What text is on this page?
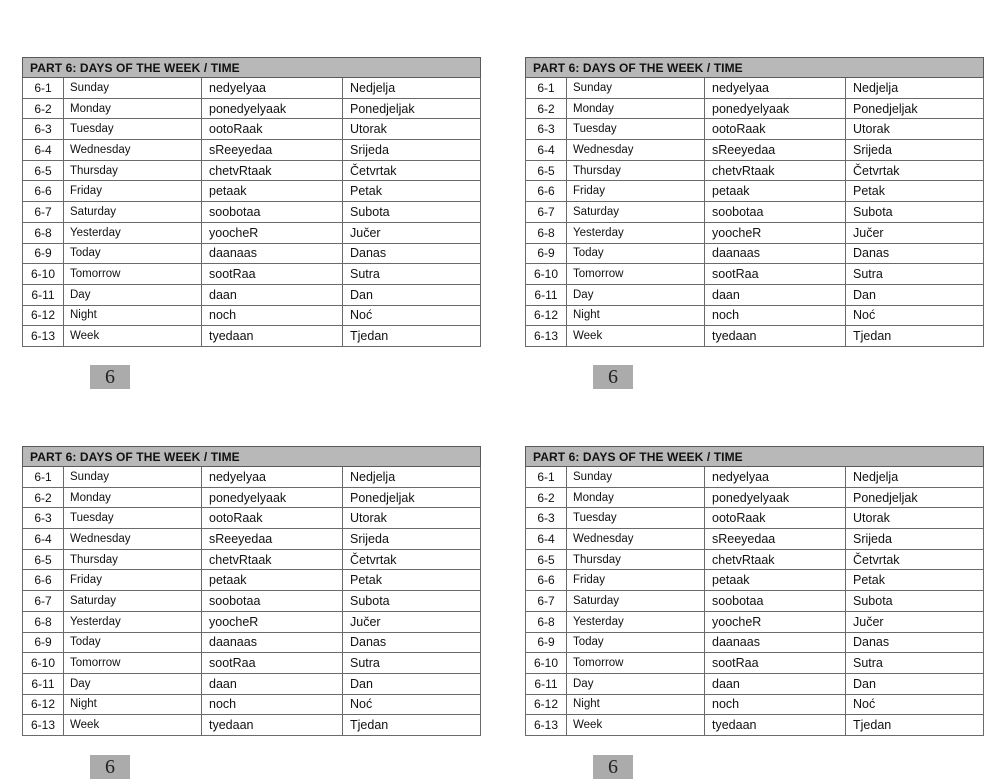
PART 6: DAYS OF THE WEEK / TIME			
6-1	Sunday	nedyelyaa	Nedjelja
6-2	Monday	ponedyelyaak	Ponedjeljak
6-3	Tuesday	ootoRaak	Utorak
6-4	Wednesday	sReeyedaa	Srijeda
6-5	Thursday	chetvRtaak	Četvrtak
6-6	Friday	petaak	Petak
6-7	Saturday	soobotaa	Subota
6-8	Yesterday	yoocheR	Jučer
6-9	Today	daanaas	Danas
6-10	Tomorrow	sootRaa	Sutra
6-11	Day	daan	Dan
6-12	Night	noch	Noć
6-13	Week	tyedaan	Tjedan
6
PART 6: DAYS OF THE WEEK / TIME			
6-1	Sunday	nedyelyaa	Nedjelja
6-2	Monday	ponedyelyaak	Ponedjeljak
6-3	Tuesday	ootoRaak	Utorak
6-4	Wednesday	sReeyedaa	Srijeda
6-5	Thursday	chetvRtaak	Četvrtak
6-6	Friday	petaak	Petak
6-7	Saturday	soobotaa	Subota
6-8	Yesterday	yoocheR	Jučer
6-9	Today	daanaas	Danas
6-10	Tomorrow	sootRaa	Sutra
6-11	Day	daan	Dan
6-12	Night	noch	Noć
6-13	Week	tyedaan	Tjedan
6
PART 6: DAYS OF THE WEEK / TIME			
6-1	Sunday	nedyelyaa	Nedjelja
6-2	Monday	ponedyelyaak	Ponedjeljak
6-3	Tuesday	ootoRaak	Utorak
6-4	Wednesday	sReeyedaa	Srijeda
6-5	Thursday	chetvRtaak	Četvrtak
6-6	Friday	petaak	Petak
6-7	Saturday	soobotaa	Subota
6-8	Yesterday	yoocheR	Jučer
6-9	Today	daanaas	Danas
6-10	Tomorrow	sootRaa	Sutra
6-11	Day	daan	Dan
6-12	Night	noch	Noć
6-13	Week	tyedaan	Tjedan
6
PART 6: DAYS OF THE WEEK / TIME			
6-1	Sunday	nedyelyaa	Nedjelja
6-2	Monday	ponedyelyaak	Ponedjeljak
6-3	Tuesday	ootoRaak	Utorak
6-4	Wednesday	sReeyedaa	Srijeda
6-5	Thursday	chetvRtaak	Četvrtak
6-6	Friday	petaak	Petak
6-7	Saturday	soobotaa	Subota
6-8	Yesterday	yoocheR	Jučer
6-9	Today	daanaas	Danas
6-10	Tomorrow	sootRaa	Sutra
6-11	Day	daan	Dan
6-12	Night	noch	Noć
6-13	Week	tyedaan	Tjedan
6
